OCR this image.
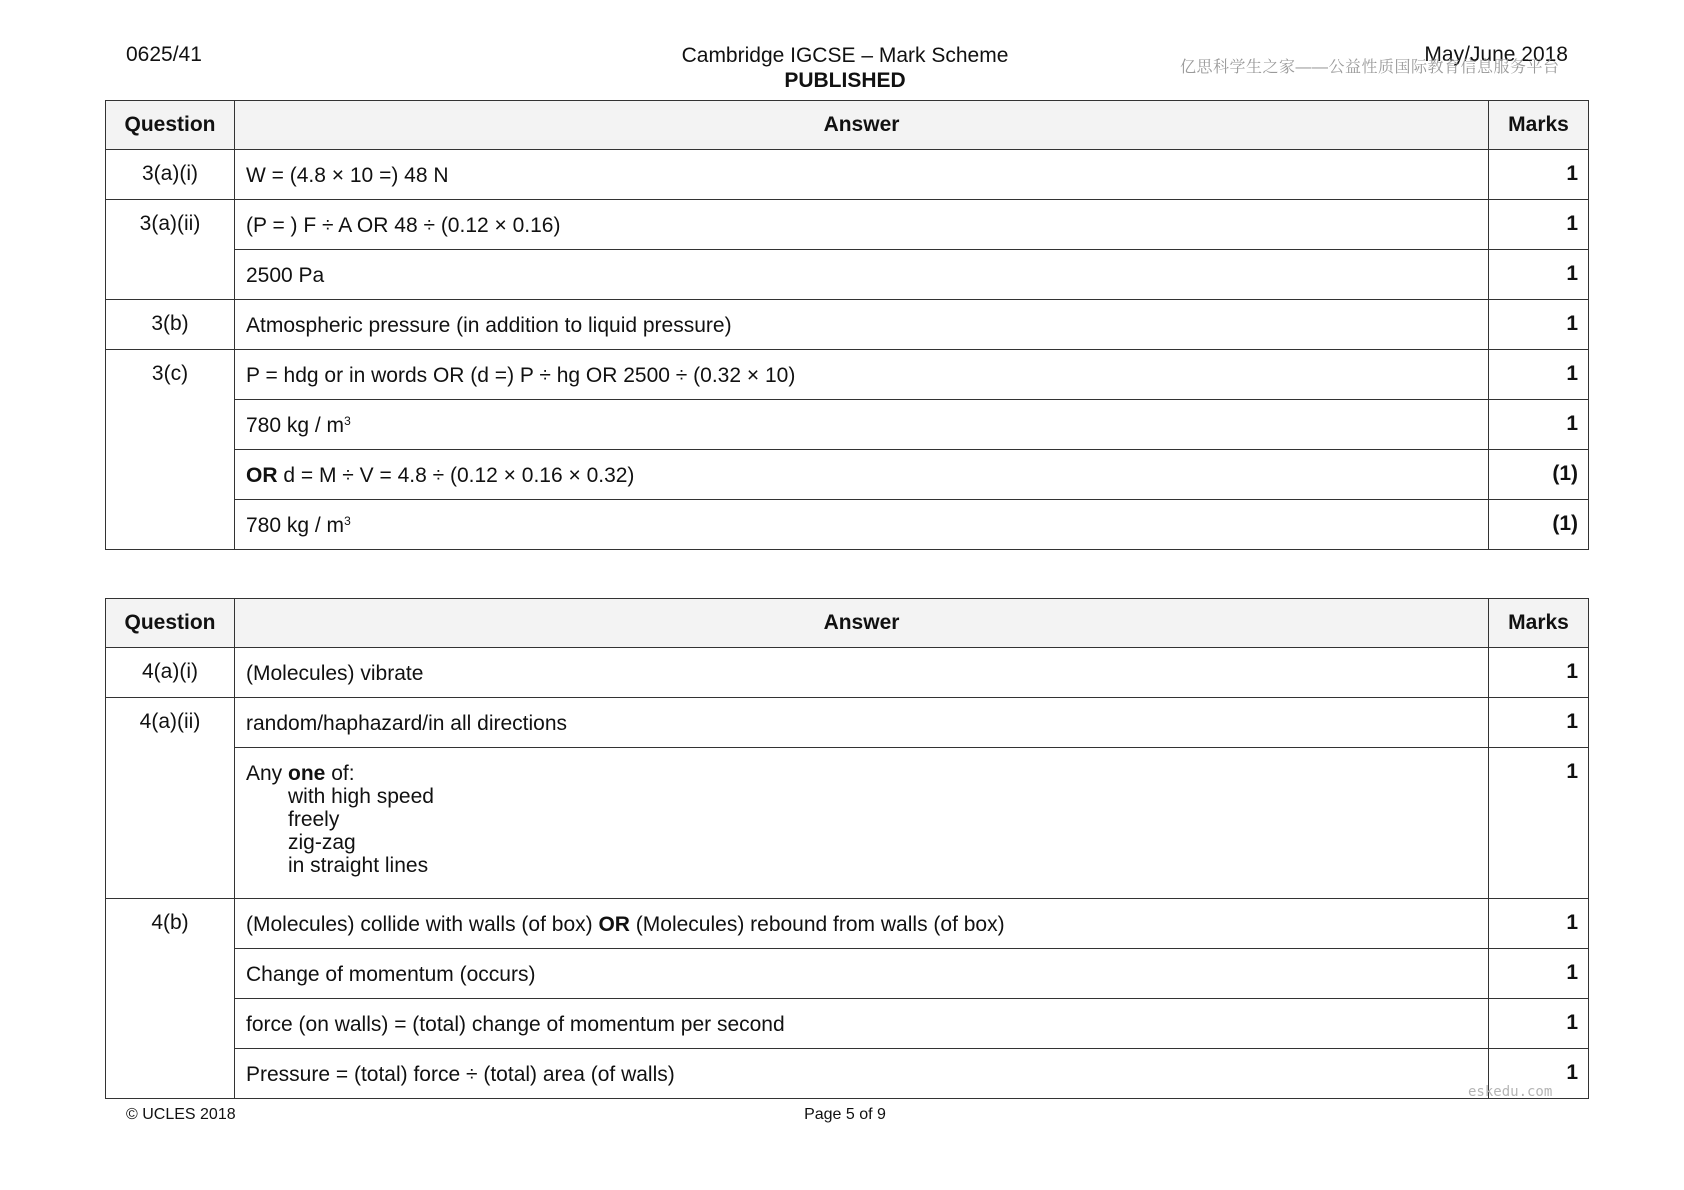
0625/41	Cambridge IGCSE – Mark Scheme
PUBLISHED
May/June 2018
亿思科学生之家——公益性质国际教育信息服务平台
Question	Answer	Marks
3(a)(i)	W = (4.8 × 10 =) 48 N	1
3(a)(ii)	(P = ) F ÷ A OR 48 ÷ (0.12 × 0.16)	1
	2500 Pa	1
3(b)	Atmospheric pressure (in addition to liquid pressure)	1
3(c)	P = hdg or in words OR (d =) P ÷ hg OR 2500 ÷ (0.32 × 10)	1
	780 kg / $m^3$	1
	OR d = M ÷ V = 4.8 ÷ (0.12 × 0.16 × 0.32)	(1)
	780 kg / $m^3$	(1)
Question	Answer	Marks
4(a)(i)	(Molecules) vibrate	1
4(a)(ii)	random/haphazard/in all directions	1
	Any one of:
with high speed
freely
zig-zag
in straight lines	1
4(b)	(Molecules) collide with walls (of box) OR (Molecules) rebound from walls (of box)	1
	Change of momentum (occurs)	1
	force (on walls) = (total) change of momentum per second	1
	Pressure = (total) force ÷ (total) area (of walls)	1
© UCLES 2018	Page 5 of 9
eskedu.com
